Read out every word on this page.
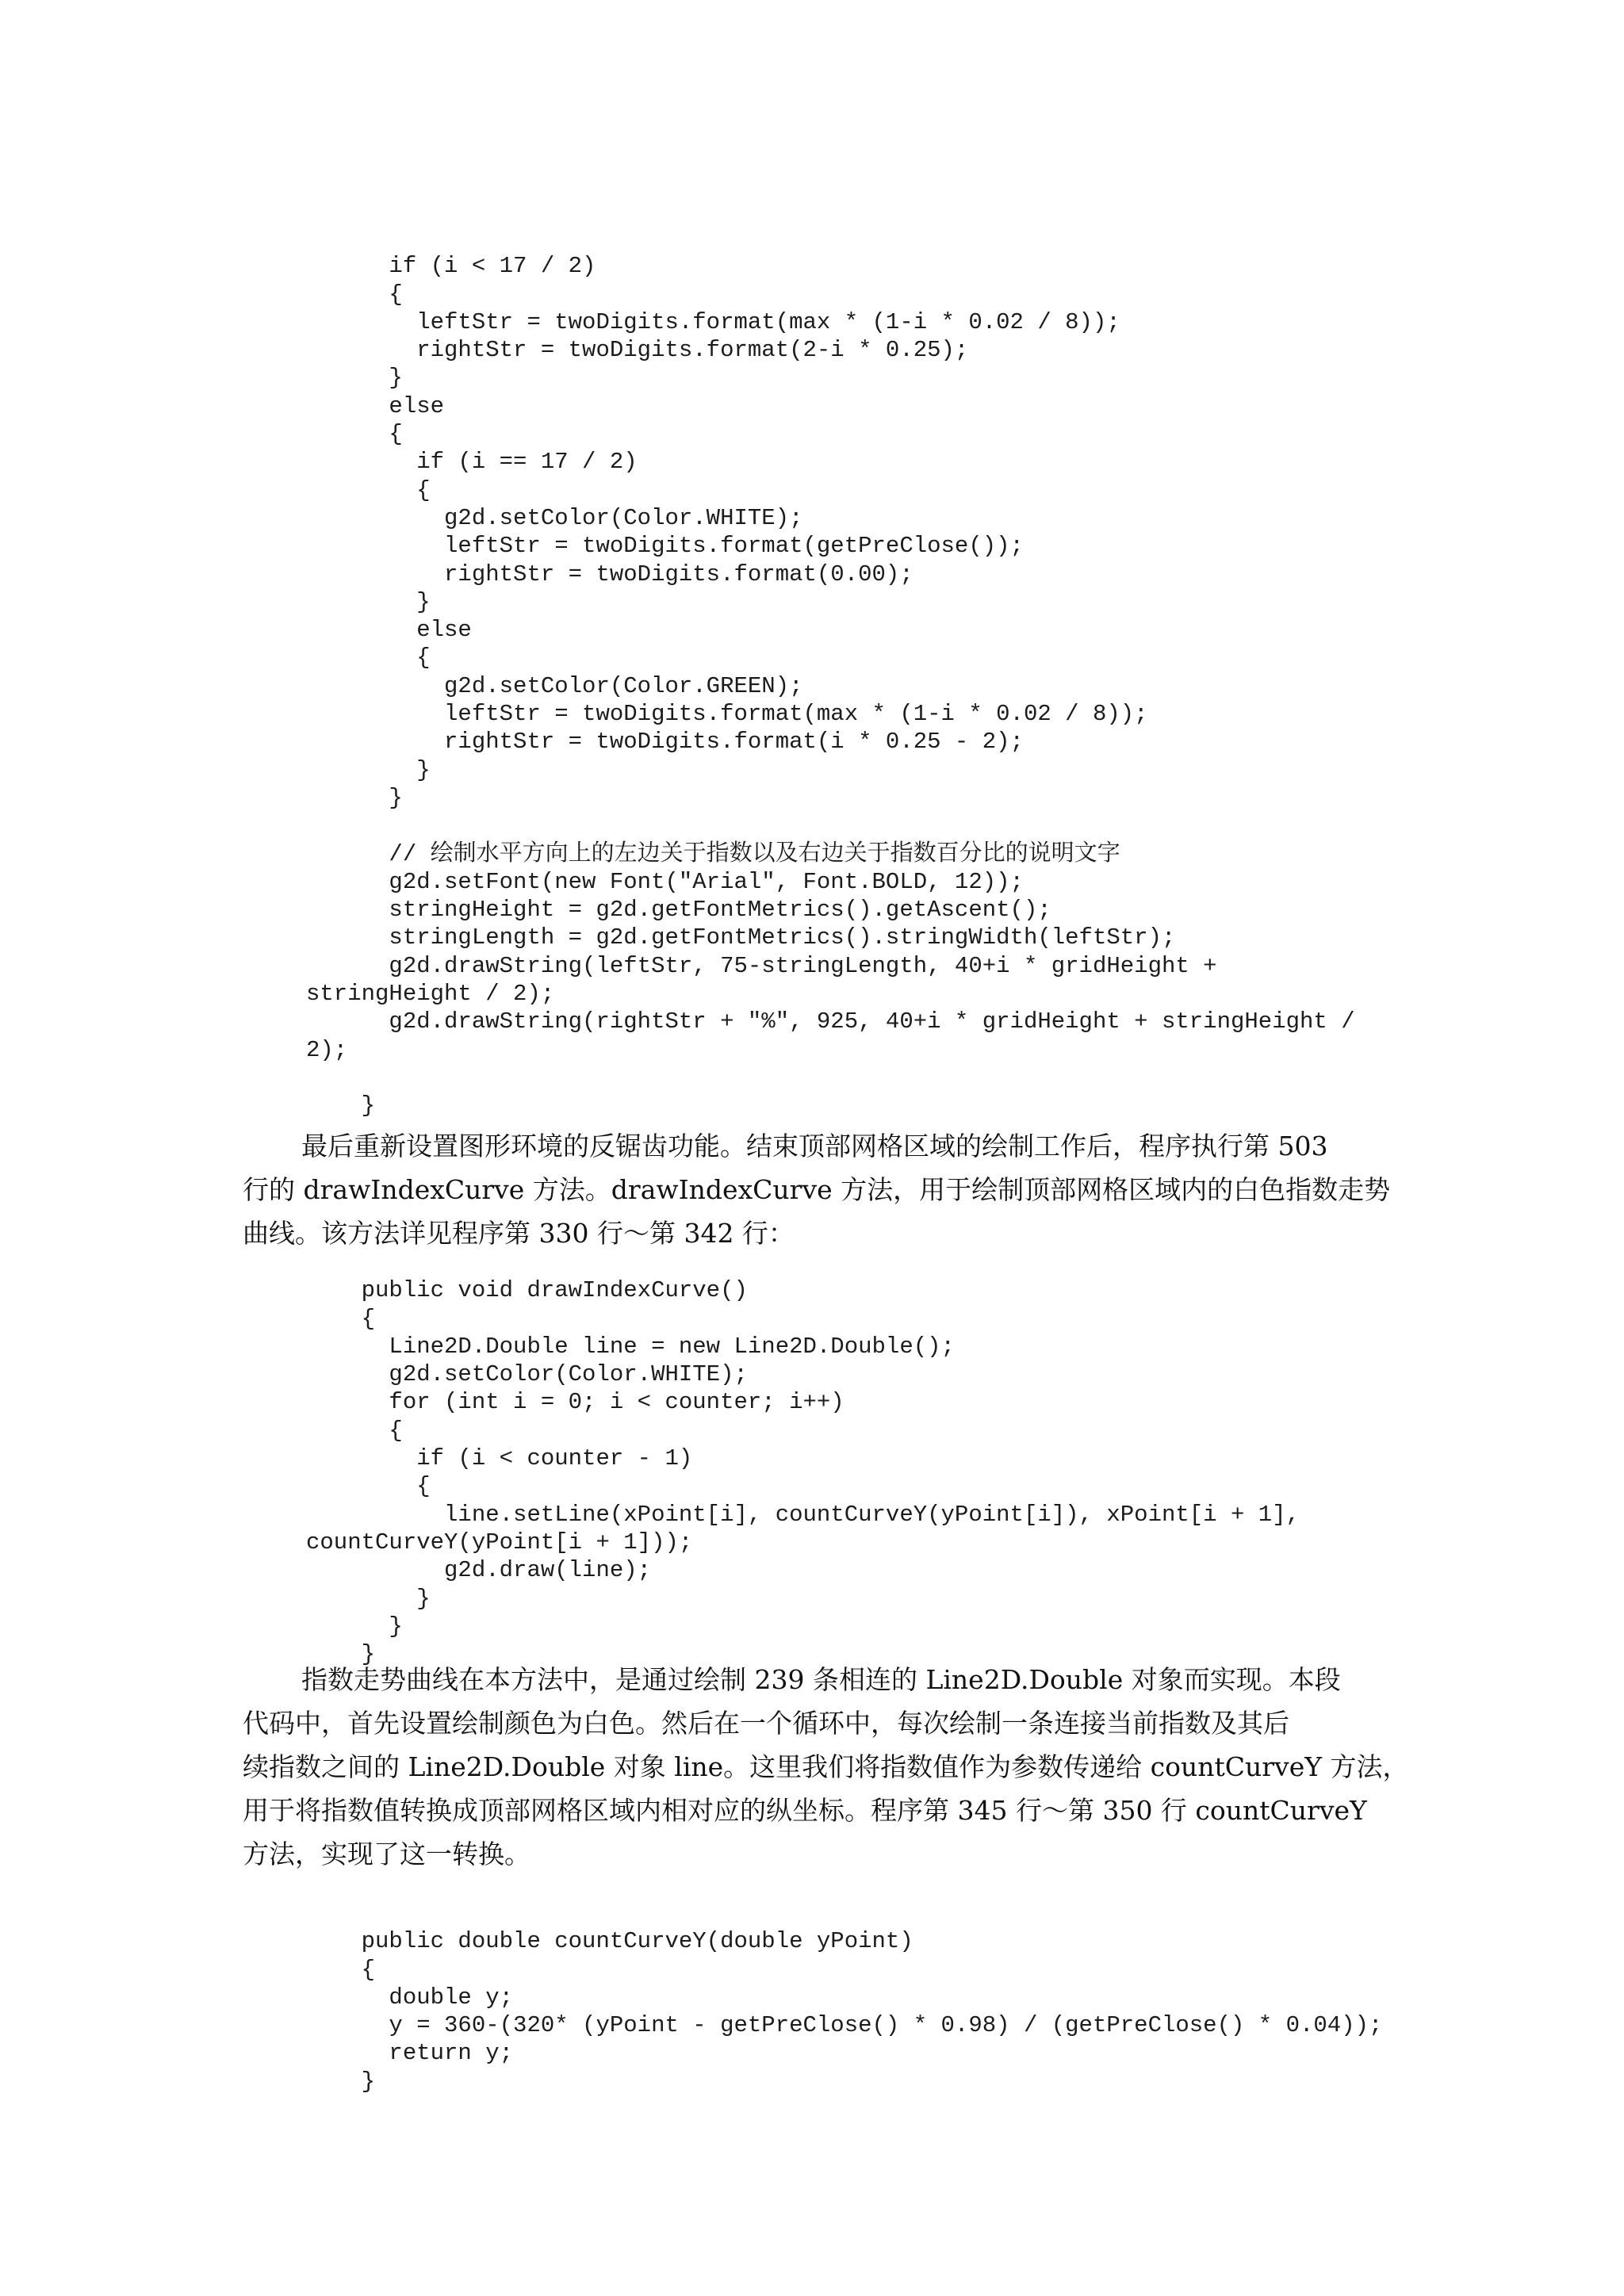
if (i < 17 / 2)
{
leftStr = twoDigits.format(max * (1-i * 0.02 / 8));
rightStr = twoDigits.format(2-i * 0.25);
}
else
{
if (i == 17 / 2)
{
g2d.setColor(Color.WHITE);
leftStr = twoDigits.format(getPreClose());
rightStr = twoDigits.format(0.00);
}
else
{
g2d.setColor(Color.GREEN);
leftStr = twoDigits.format(max * (1-i * 0.02 / 8));
rightStr = twoDigits.format(i * 0.25 - 2);
}
}

// 绘制水平方向上的左边关于指数以及右边关于指数百分比的说明文字
g2d.setFont(new Font("Arial", Font.BOLD, 12));
stringHeight = g2d.getFontMetrics().getAscent();
stringLength = g2d.getFontMetrics().stringWidth(leftStr);
g2d.drawString(leftStr, 75-stringLength, 40+i * gridHeight +
stringHeight / 2);
g2d.drawString(rightStr + "%", 925, 40+i * gridHeight + stringHeight /
2);

}

最后重新设置图形环境的反锯齿功能。结束顶部网格区域的绘制工作后，程序执行第 503
行的 drawIndexCurve 方法。drawIndexCurve 方法，用于绘制顶部网格区域内的白色指数走势
曲线。该方法详见程序第 330 行～第 342 行：

public void drawIndexCurve()
{
Line2D.Double line = new Line2D.Double();
g2d.setColor(Color.WHITE);
for (int i = 0; i < counter; i++)
{
if (i < counter - 1)
{
line.setLine(xPoint[i], countCurveY(yPoint[i]), xPoint[i + 1],
countCurveY(yPoint[i + 1]));
g2d.draw(line);
}
}
}

指数走势曲线在本方法中，是通过绘制 239 条相连的 Line2D.Double 对象而实现。本段
代码中，首先设置绘制颜色为白色。然后在一个循环中，每次绘制一条连接当前指数及其后
续指数之间的 Line2D.Double 对象 line。这里我们将指数值作为参数传递给 countCurveY 方法，
用于将指数值转换成顶部网格区域内相对应的纵坐标。程序第 345 行～第 350 行 countCurveY
方法，实现了这一转换。

public double countCurveY(double yPoint)
{
double y;
y = 360-(320* (yPoint - getPreClose() * 0.98) / (getPreClose() * 0.04));
return y;
}
